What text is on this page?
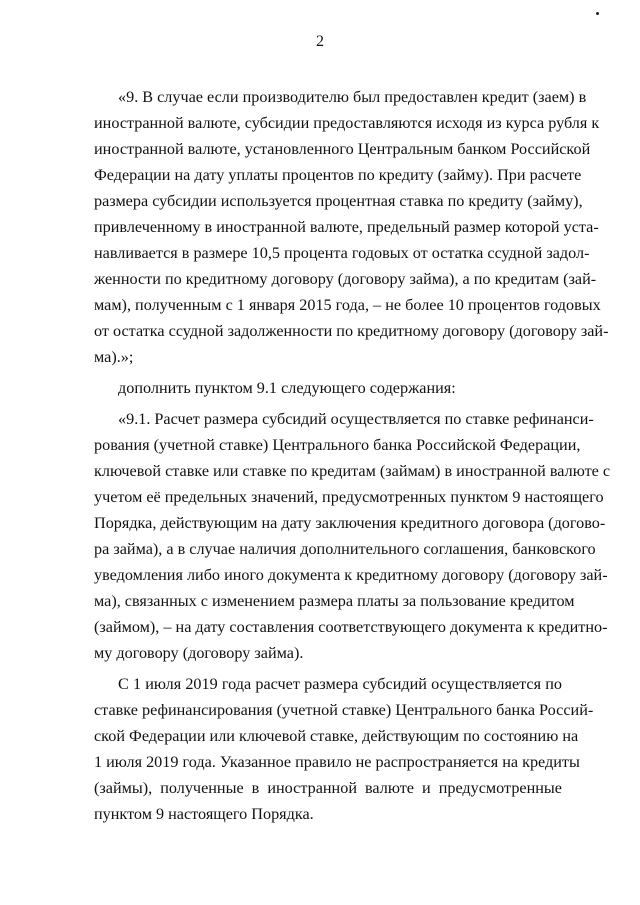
2
«9. В случае если производителю был предоставлен кредит (заем) в
иностранной валюте, субсидии предоставляются исходя из курса рубля к
иностранной валюте, установленного Центральным банком Российской
Федерации на дату уплаты процентов по кредиту (займу). При расчете
размера субсидии используется процентная ставка по кредиту (займу),
привлеченному в иностранной валюте, предельный размер которой уста-
навливается в размере 10,5 процента годовых от остатка ссудной задол-
женности по кредитному договору (договору займа), а по кредитам (зай-
мам), полученным с 1 января 2015 года, – не более 10 процентов годовых
от остатка ссудной задолженности по кредитному договору (договору зай-
ма).»;
дополнить пунктом 9.1 следующего содержания:
«9.1. Расчет размера субсидий осуществляется по ставке рефинанси-
рования (учетной ставке) Центрального банка Российской Федерации,
ключевой ставке или ставке по кредитам (займам) в иностранной валюте с
учетом её предельных значений, предусмотренных пунктом 9 настоящего
Порядка, действующим на дату заключения кредитного договора (догово-
ра займа), а в случае наличия дополнительного соглашения, банковского
уведомления либо иного документа к кредитному договору (договору зай-
ма), связанных с изменением размера платы за пользование кредитом
(займом), – на дату составления соответствующего документа к кредитно-
му договору (договору займа).
С 1 июля 2019 года расчет размера субсидий осуществляется по
ставке рефинансирования (учетной ставке) Центрального банка Россий-
ской Федерации или ключевой ставке, действующим по состоянию на
1 июля 2019 года. Указанное правило не распространяется на кредиты
(займы), полученные в иностранной валюте и предусмотренные
пунктом 9 настоящего Порядка.
